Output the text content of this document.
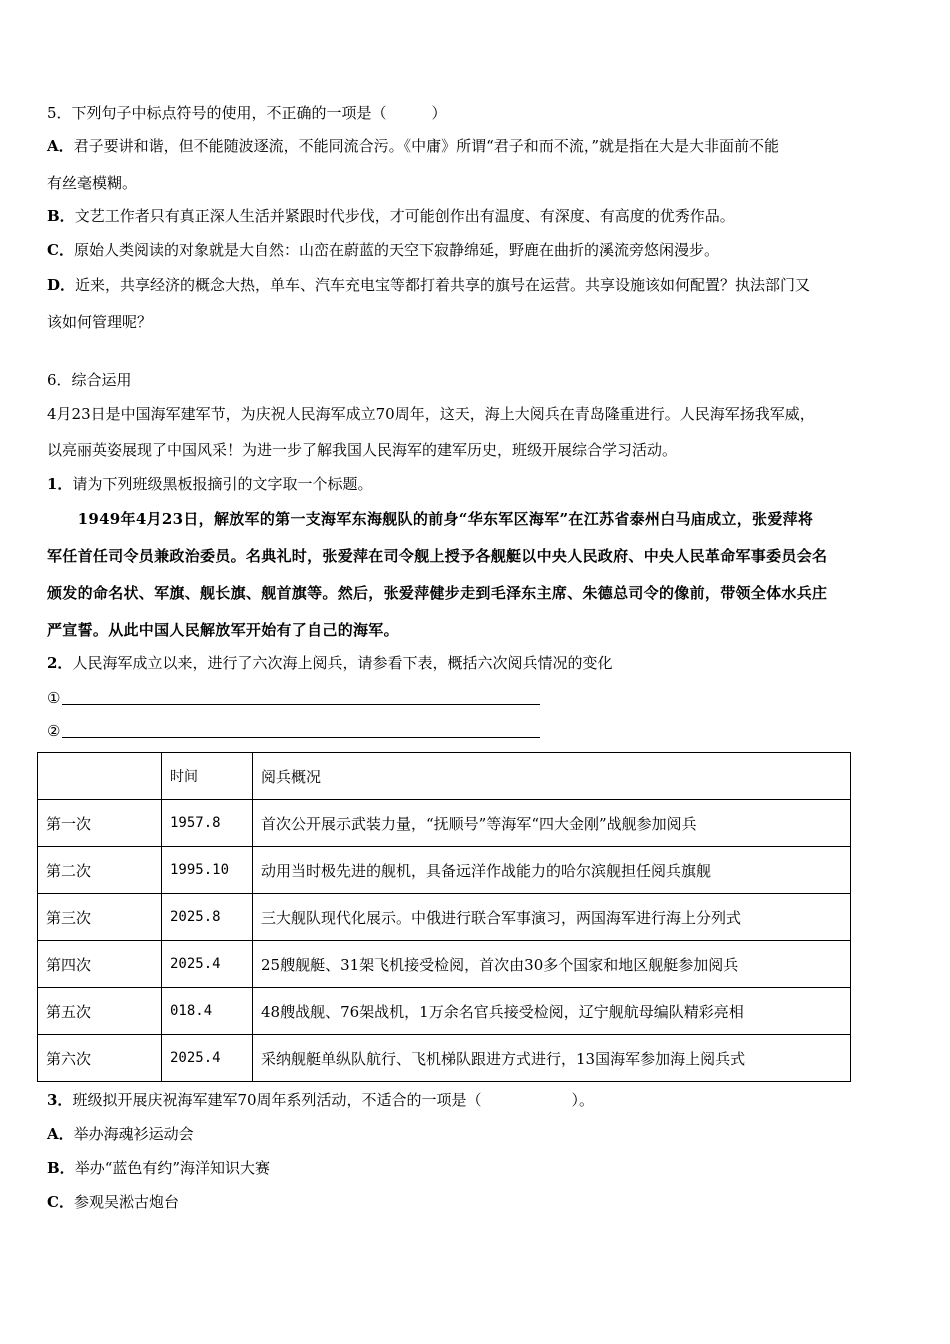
5．下列句子中标点符号的使用，不正确的一项是（　　　）
A．君子要讲和谐，但不能随波逐流，不能同流合污。《中庸》所谓“君子和而不流，”就是指在大是大非面前不能
有丝毫模糊。
B．文艺工作者只有真正深人生活并紧跟时代步伐，才可能创作出有温度、有深度、有高度的优秀作品。
C．原始人类阅读的对象就是大自然：山峦在蔚蓝的天空下寂静绵延，野鹿在曲折的溪流旁悠闲漫步。
D．近来，共享经济的概念大热，单车、汽车充电宝等都打着共享的旗号在运营。共享设施该如何配置？执法部门又
该如何管理呢？
6．综合运用
4月23日是中国海军建军节，为庆祝人民海军成立70周年，这天，海上大阅兵在青岛隆重进行。人民海军扬我军威，
以亮丽英姿展现了中国风采！为进一步了解我国人民海军的建军历史，班级开展综合学习活动。
1．请为下列班级黑板报摘引的文字取一个标题。
　　1949年4月23日，解放军的第一支海军东海舰队的前身“华东军区海军”在江苏省泰州白马庙成立，张爱萍将
军任首任司令员兼政治委员。名典礼时，张爱萍在司令舰上授予各舰艇以中央人民政府、中央人民革命军事委员会名
颁发的命名状、军旗、舰长旗、舰首旗等。然后，张爱萍健步走到毛泽东主席、朱德总司令的像前，带领全体水兵庄
严宣誓。从此中国人民解放军开始有了自己的海军。
2．人民海军成立以来，进行了六次海上阅兵，请参看下表，概括六次阅兵情况的变化
①
②
	时间	阅兵概况
第一次	1957.8	首次公开展示武装力量，“抚顺号”等海军“四大金刚”战舰参加阅兵
第二次	1995.10	动用当时极先进的舰机，具备远洋作战能力的哈尔滨舰担任阅兵旗舰
第三次	2025.8	三大舰队现代化展示。中俄进行联合军事演习，两国海军进行海上分列式
第四次	2025.4	25艘舰艇、31架飞机接受检阅，首次由30多个国家和地区舰艇参加阅兵
第五次	018.4	48艘战舰、76架战机，1万余名官兵接受检阅，辽宁舰航母编队精彩亮相
第六次	2025.4	采纳舰艇单纵队航行、飞机梯队跟进方式进行，13国海军参加海上阅兵式
3．班级拟开展庆祝海军建军70周年系列活动，不适合的一项是（　　　　　　）。
A．举办海魂衫运动会
B．举办“蓝色有约”海洋知识大赛
C．参观吴淞古炮台
